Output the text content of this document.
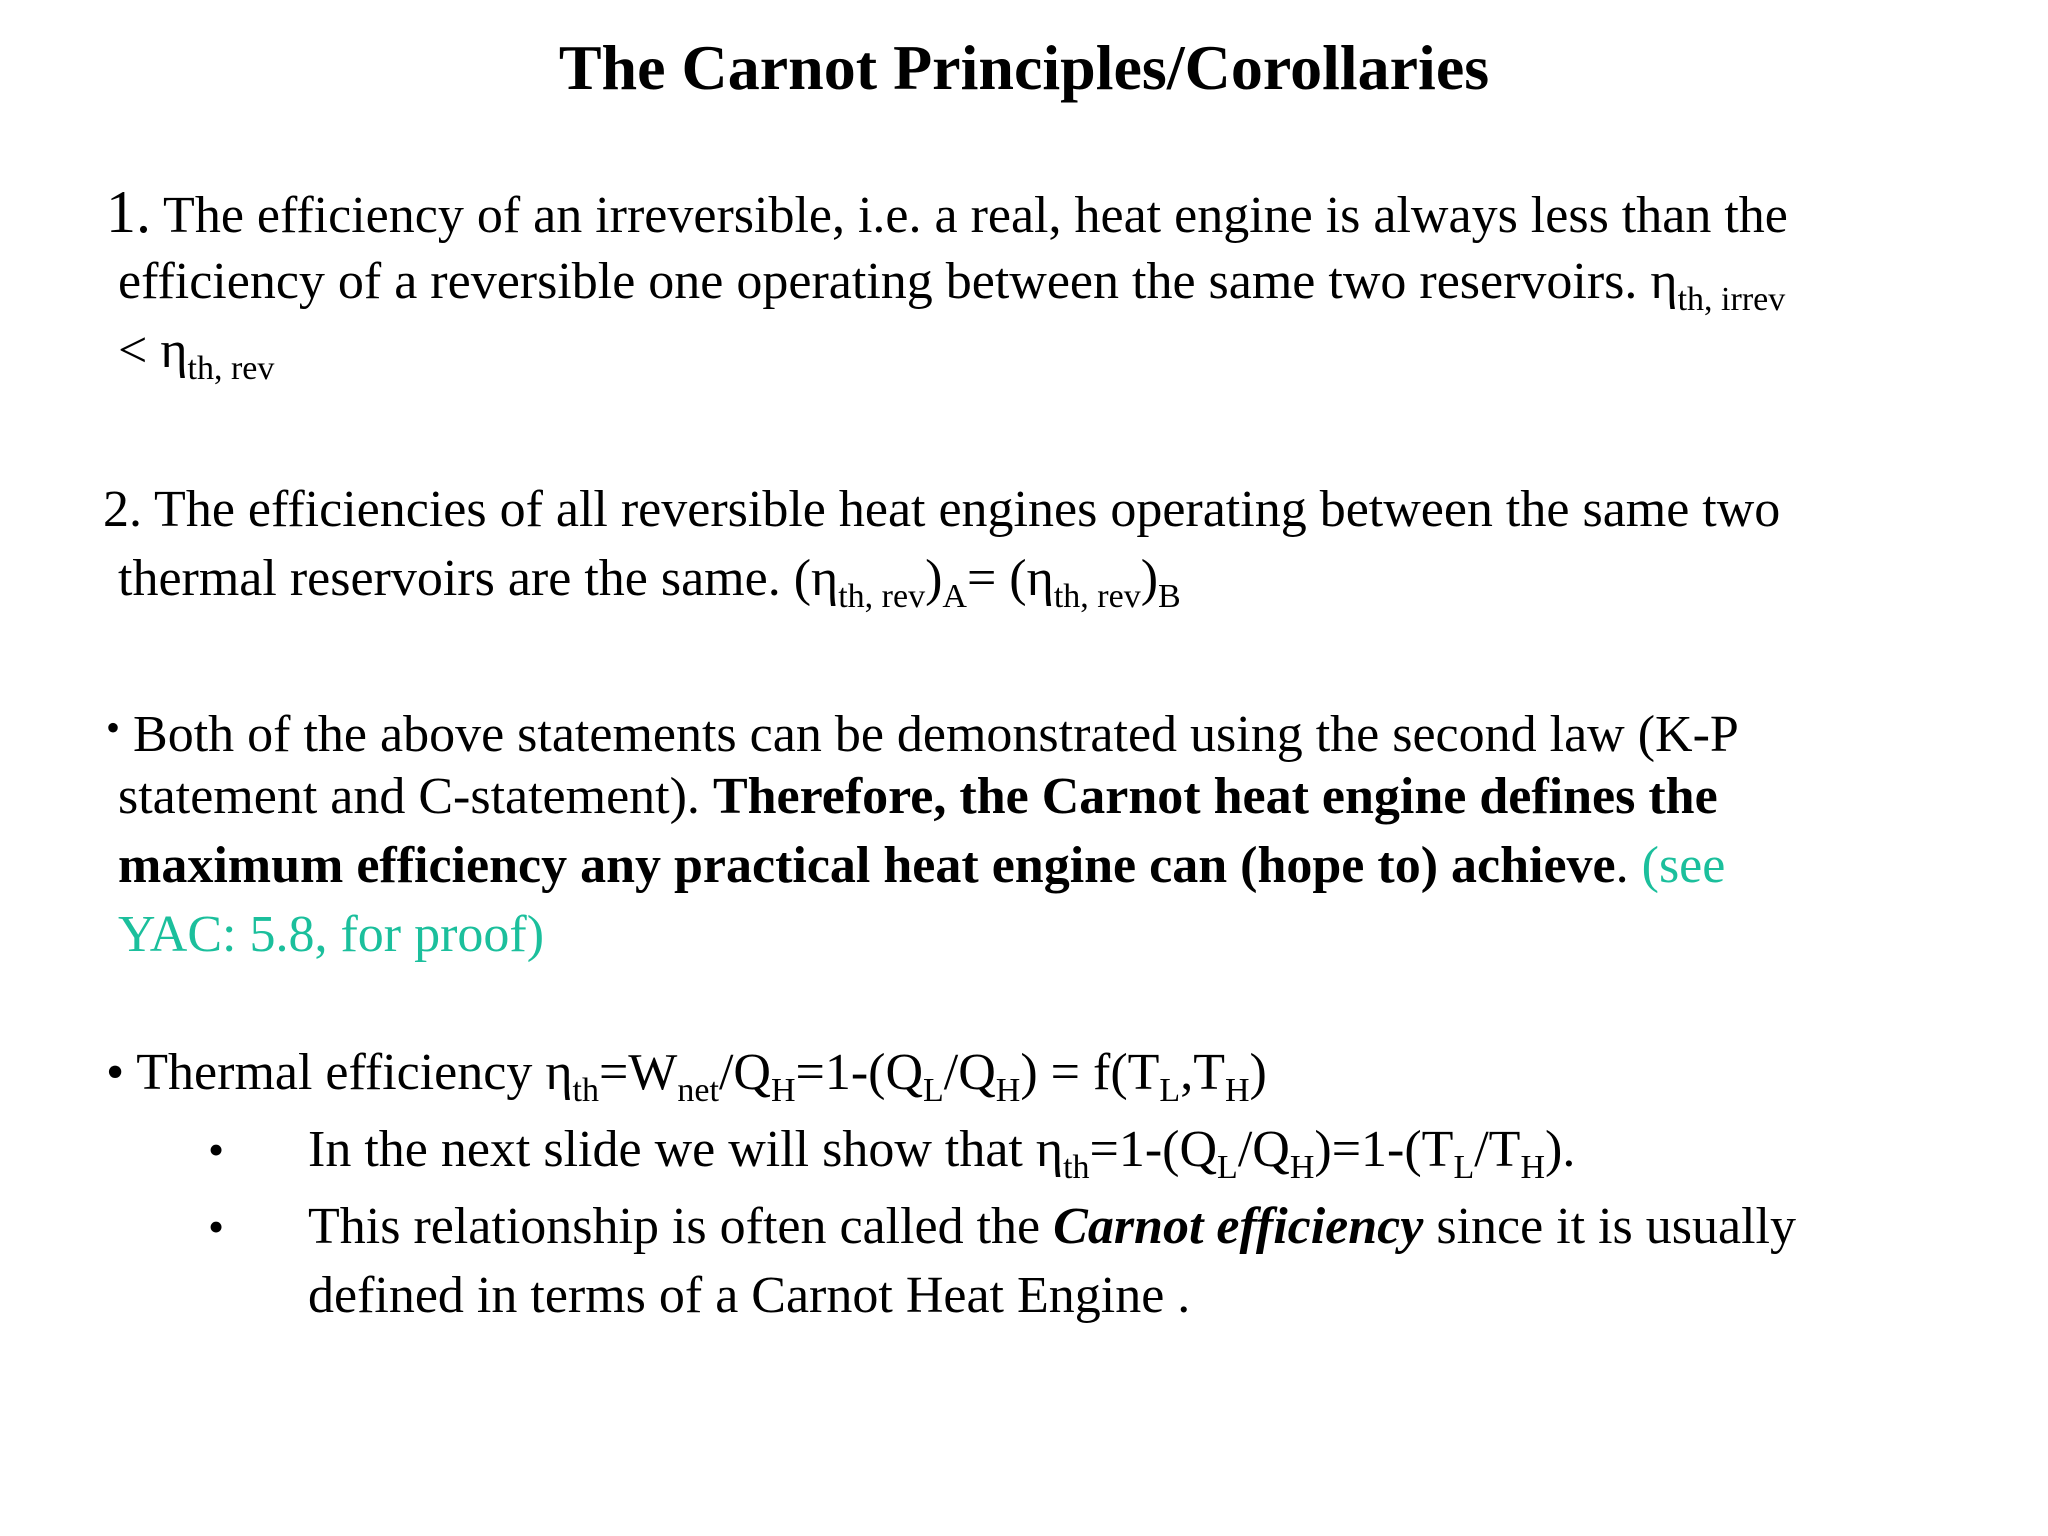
The Carnot Principles/Corollaries
1. The efficiency of an irreversible, i.e. a real, heat engine is always less than the
efficiency of a reversible one operating between the same two reservoirs. $\eta_{th, irrev}$
< $\eta_{th, rev}$
2. The efficiencies of all reversible heat engines operating between the same two
thermal reservoirs are the same. $(\eta_{th, rev})_A= (\eta_{th, rev})_B$
• Both of the above statements can be demonstrated using the second law (K-P
statement and C-statement). Therefore, the Carnot heat engine defines the
maximum efficiency any practical heat engine can (hope to) achieve. (see
YAC: 5.8, for proof)
• Thermal efficiency $\eta_{th}=W_{net}/Q_H=1-(Q_L/Q_H) = f(T_L,T_H)$
• In the next slide we will show that $\eta_{th}=1-(Q_L/Q_H)=1-(T_L/T_H)$.
• This relationship is often called the Carnot efficiency since it is usually
defined in terms of a Carnot Heat Engine .
